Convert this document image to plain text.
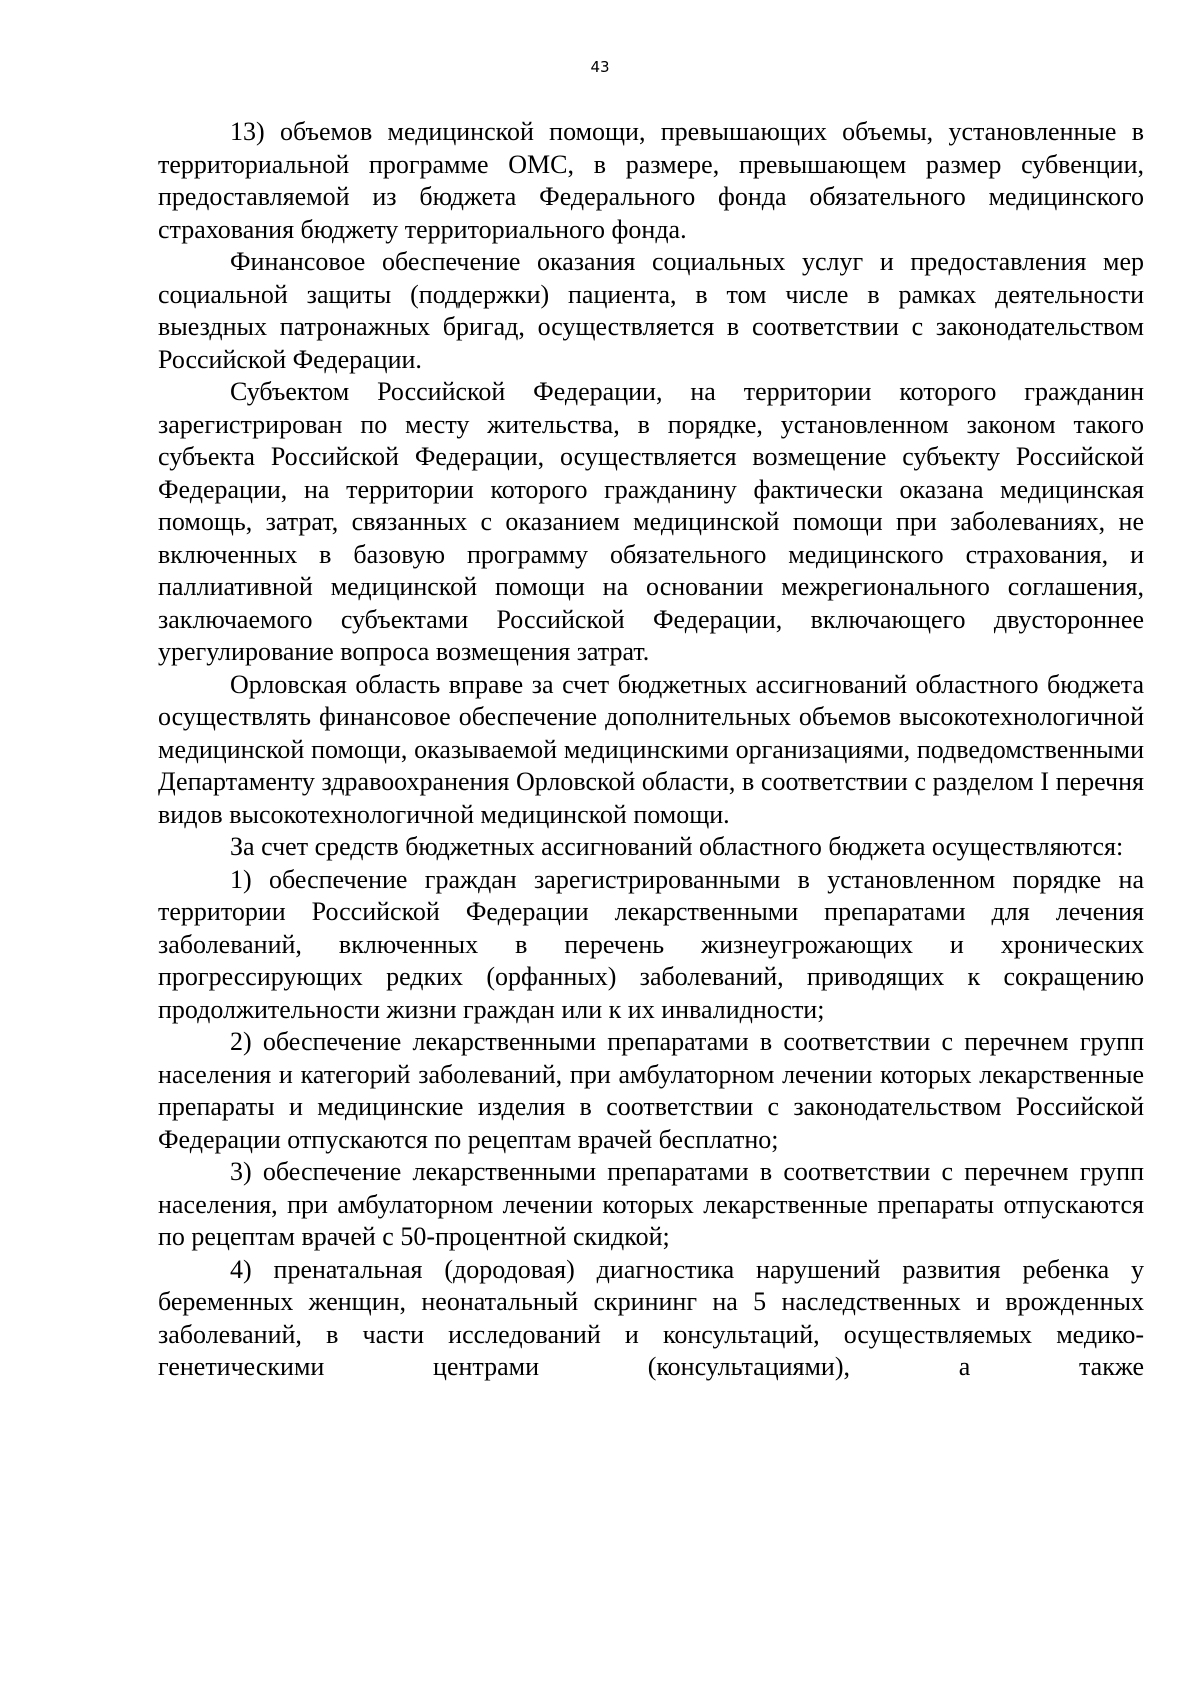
43

13) объемов медицинской помощи, превышающих объемы, установленные в территориальной программе ОМС, в размере, превышающем размер субвенции, предоставляемой из бюджета Федерального фонда обязательного медицинского страхования бюджету территориального фонда.

Финансовое обеспечение оказания социальных услуг и предоставления мер социальной защиты (поддержки) пациента, в том числе в рамках деятельности выездных патронажных бригад, осуществляется в соответствии с законодательством Российской Федерации.

Субъектом Российской Федерации, на территории которого гражданин зарегистрирован по месту жительства, в порядке, установленном законом такого субъекта Российской Федерации, осуществляется возмещение субъекту Российской Федерации, на территории которого гражданину фактически оказана медицинская помощь, затрат, связанных с оказанием медицинской помощи при заболеваниях, не включенных в базовую программу обязательного медицинского страхования, и паллиативной медицинской помощи на основании межрегионального соглашения, заключаемого субъектами Российской Федерации, включающего двустороннее урегулирование вопроса возмещения затрат.

Орловская область вправе за счет бюджетных ассигнований областного бюджета осуществлять финансовое обеспечение дополнительных объемов высокотехнологичной медицинской помощи, оказываемой медицинскими организациями, подведомственными Департаменту здравоохранения Орловской области, в соответствии с разделом I перечня видов высокотехнологичной медицинской помощи.

За счет средств бюджетных ассигнований областного бюджета осуществляются:

1) обеспечение граждан зарегистрированными в установленном порядке на территории Российской Федерации лекарственными препаратами для лечения заболеваний, включенных в перечень жизнеугрожающих и хронических прогрессирующих редких (орфанных) заболеваний, приводящих к сокращению продолжительности жизни граждан или к их инвалидности;

2) обеспечение лекарственными препаратами в соответствии с перечнем групп населения и категорий заболеваний, при амбулаторном лечении которых лекарственные препараты и медицинские изделия в соответствии с законодательством Российской Федерации отпускаются по рецептам врачей бесплатно;

3) обеспечение лекарственными препаратами в соответствии с перечнем групп населения, при амбулаторном лечении которых лекарственные препараты отпускаются по рецептам врачей с 50-процентной скидкой;

4) пренатальная (дородовая) диагностика нарушений развития ребенка у беременных женщин, неонатальный скрининг на 5 наследственных и врожденных заболеваний, в части исследований и консультаций, осуществляемых медико-генетическими центрами (консультациями), а также
